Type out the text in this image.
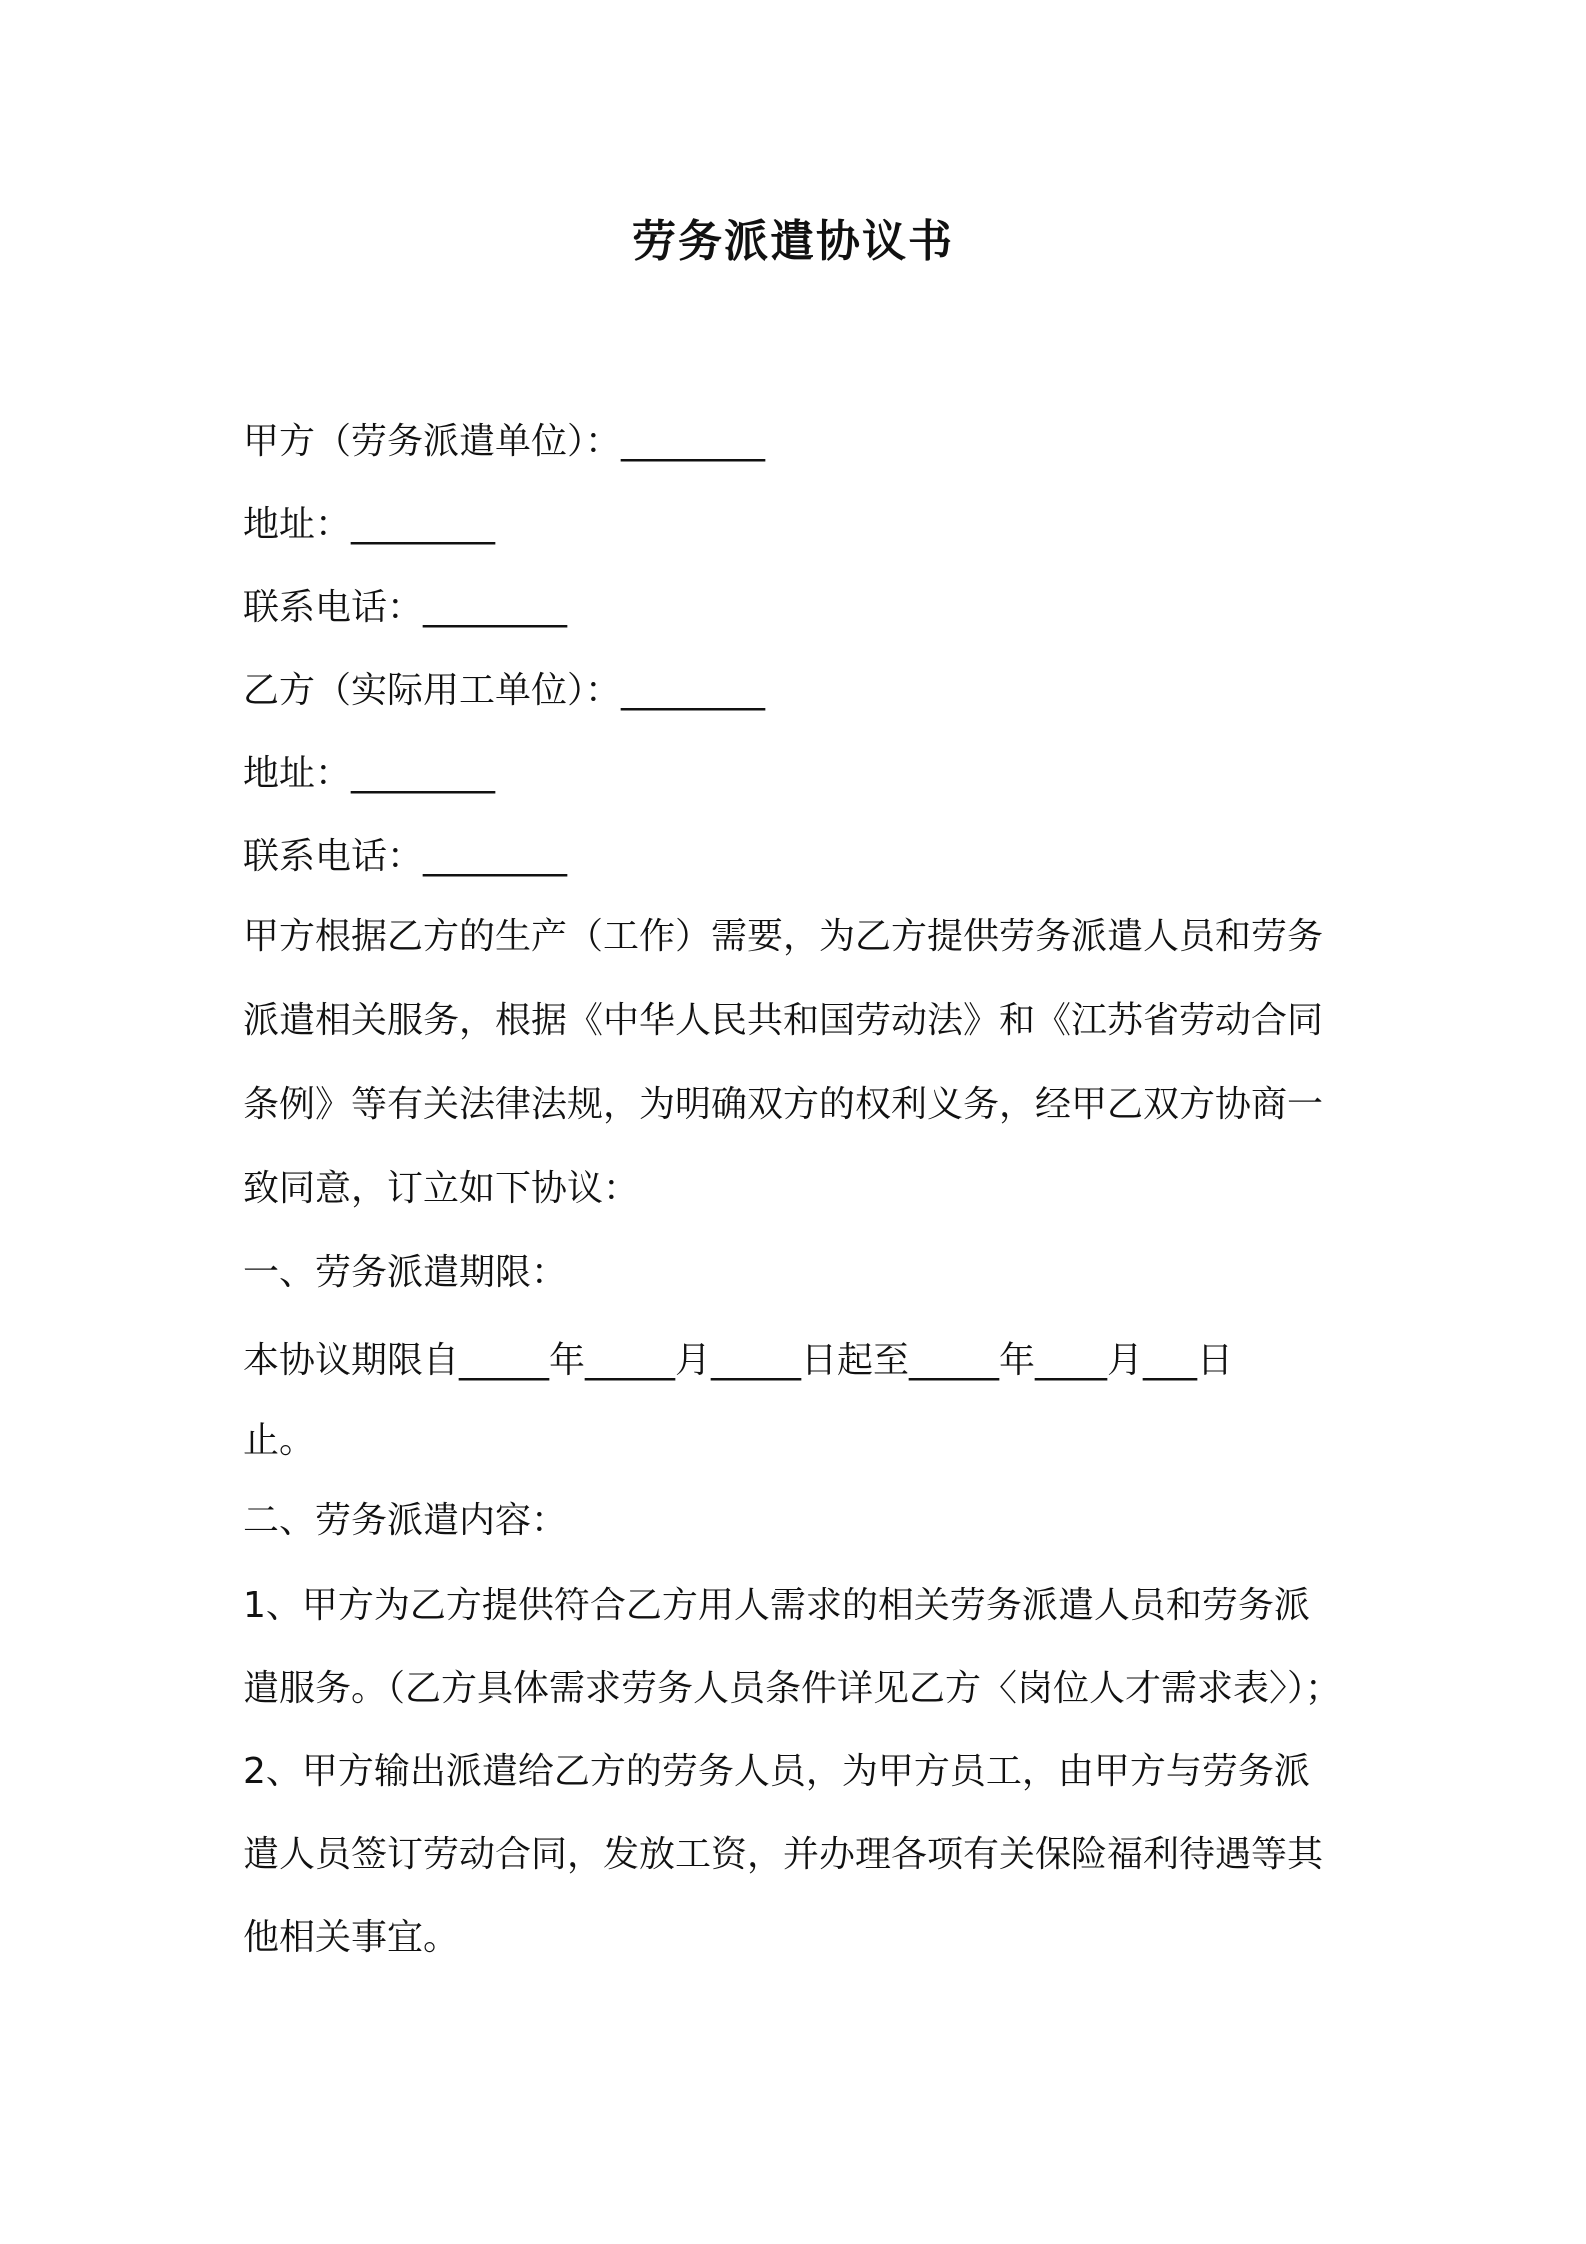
劳务派遣协议书

甲方（劳务派遣单位）：________

地址：________

联系电话：________

乙方（实际用工单位）：________

地址：________

联系电话：________

甲方根据乙方的生产（工作）需要，为乙方提供劳务派遣人员和劳务

派遣相关服务，根据《中华人民共和国劳动法》和《江苏省劳动合同

条例》等有关法律法规，为明确双方的权利义务，经甲乙双方协商一

致同意，订立如下协议：

一、劳务派遣期限：

本协议期限自_____年_____月_____日起至_____年____月___日

止。

二、劳务派遣内容：

1、甲方为乙方提供符合乙方用人需求的相关劳务派遣人员和劳务派

遣服务。（乙方具体需求劳务人员条件详见乙方〈岗位人才需求表〉）；

2、甲方输出派遣给乙方的劳务人员，为甲方员工，由甲方与劳务派

遣人员签订劳动合同，发放工资，并办理各项有关保险福利待遇等其

他相关事宜。
